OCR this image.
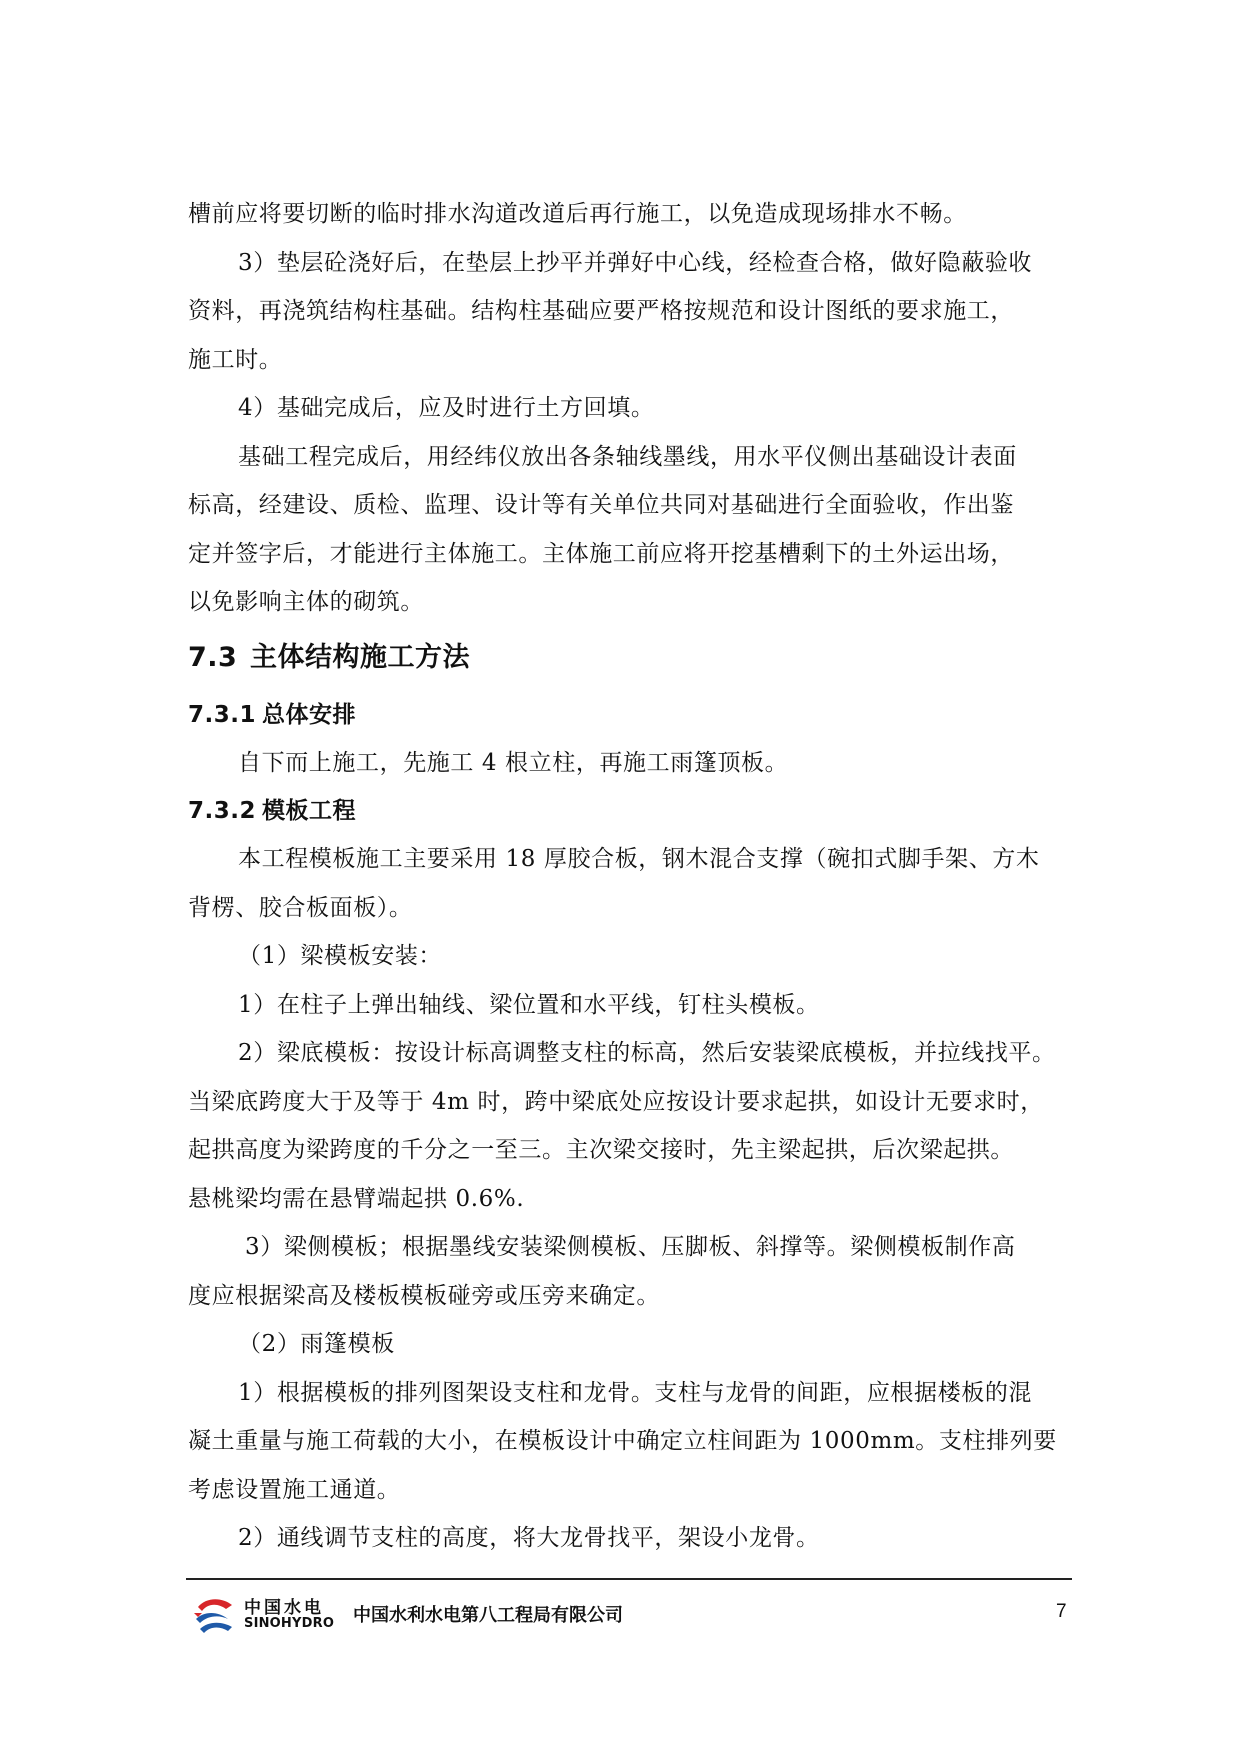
槽前应将要切断的临时排水沟道改道后再行施工，以免造成现场排水不畅。

3）垫层砼浇好后，在垫层上抄平并弹好中心线，经检查合格，做好隐蔽验收

资料，再浇筑结构柱基础。结构柱基础应要严格按规范和设计图纸的要求施工，

施工时。

4）基础完成后，应及时进行土方回填。

基础工程完成后，用经纬仪放出各条轴线墨线，用水平仪侧出基础设计表面

标高，经建设、质检、监理、设计等有关单位共同对基础进行全面验收，作出鉴

定并签字后，才能进行主体施工。主体施工前应将开挖基槽剩下的土外运出场，

以免影响主体的砌筑。

7.3 主体结构施工方法
7.3.1 总体安排

自下而上施工，先施工 4 根立柱，再施工雨篷顶板。

7.3.2 模板工程

本工程模板施工主要采用 18 厚胶合板，钢木混合支撑（碗扣式脚手架、方木

背楞、胶合板面板）。

（1）梁模板安装：

1）在柱子上弹出轴线、梁位置和水平线，钉柱头模板。

2）梁底模板：按设计标高调整支柱的标高，然后安装梁底模板，并拉线找平。

当梁底跨度大于及等于 4m 时，跨中梁底处应按设计要求起拱，如设计无要求时，

起拱高度为梁跨度的千分之一至三。主次梁交接时，先主梁起拱，后次梁起拱。

悬桃梁均需在悬臂端起拱 0.6%.

3）梁侧模板；根据墨线安装梁侧模板、压脚板、斜撑等。梁侧模板制作高

度应根据梁高及楼板模板碰旁或压旁来确定。

（2）雨篷模板

1）根据模板的排列图架设支柱和龙骨。支柱与龙骨的间距，应根据楼板的混

凝土重量与施工荷载的大小，在模板设计中确定立柱间距为 1000mm。支柱排列要

考虑设置施工通道。

2）通线调节支柱的高度，将大龙骨找平，架设小龙骨。

中国水电
SINOHYDRO 中国水利水电第八工程局有限公司	7
